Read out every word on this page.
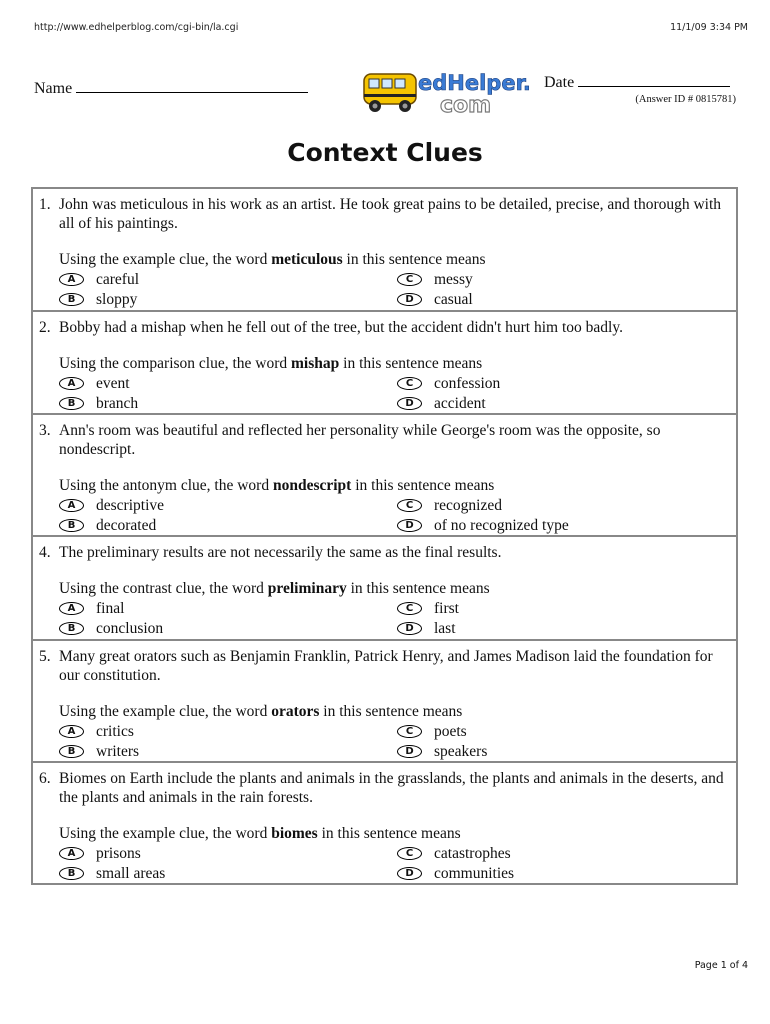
http://www.edhelperblog.com/cgi-bin/la.cgi	11/1/09 3:34 PM
Name	Date
(Answer ID # 0815781)
edHelper.
com
Context Clues
1. John was meticulous in his work as an artist. He took great pains to be detailed, precise, and thorough with all of his paintings.
Using the example clue, the word meticulous in this sentence means
A	careful	C	messy
B	sloppy	D	casual
2. Bobby had a mishap when he fell out of the tree, but the accident didn't hurt him too badly.
Using the comparison clue, the word mishap in this sentence means
A	event	C	confession
B	branch	D	accident
3. Ann's room was beautiful and reflected her personality while George's room was the opposite, so nondescript.
Using the antonym clue, the word nondescript in this sentence means
A	descriptive	C	recognized
B	decorated	D	of no recognized type
4. The preliminary results are not necessarily the same as the final results.
Using the contrast clue, the word preliminary in this sentence means
A	final	C	first
B	conclusion	D	last
5. Many great orators such as Benjamin Franklin, Patrick Henry, and James Madison laid the foundation for our constitution.
Using the example clue, the word orators in this sentence means
A	critics	C	poets
B	writers	D	speakers
6. Biomes on Earth include the plants and animals in the grasslands, the plants and animals in the deserts, and the plants and animals in the rain forests.
Using the example clue, the word biomes in this sentence means
A	prisons	C	catastrophes
B	small areas	D	communities
Page 1 of 4
